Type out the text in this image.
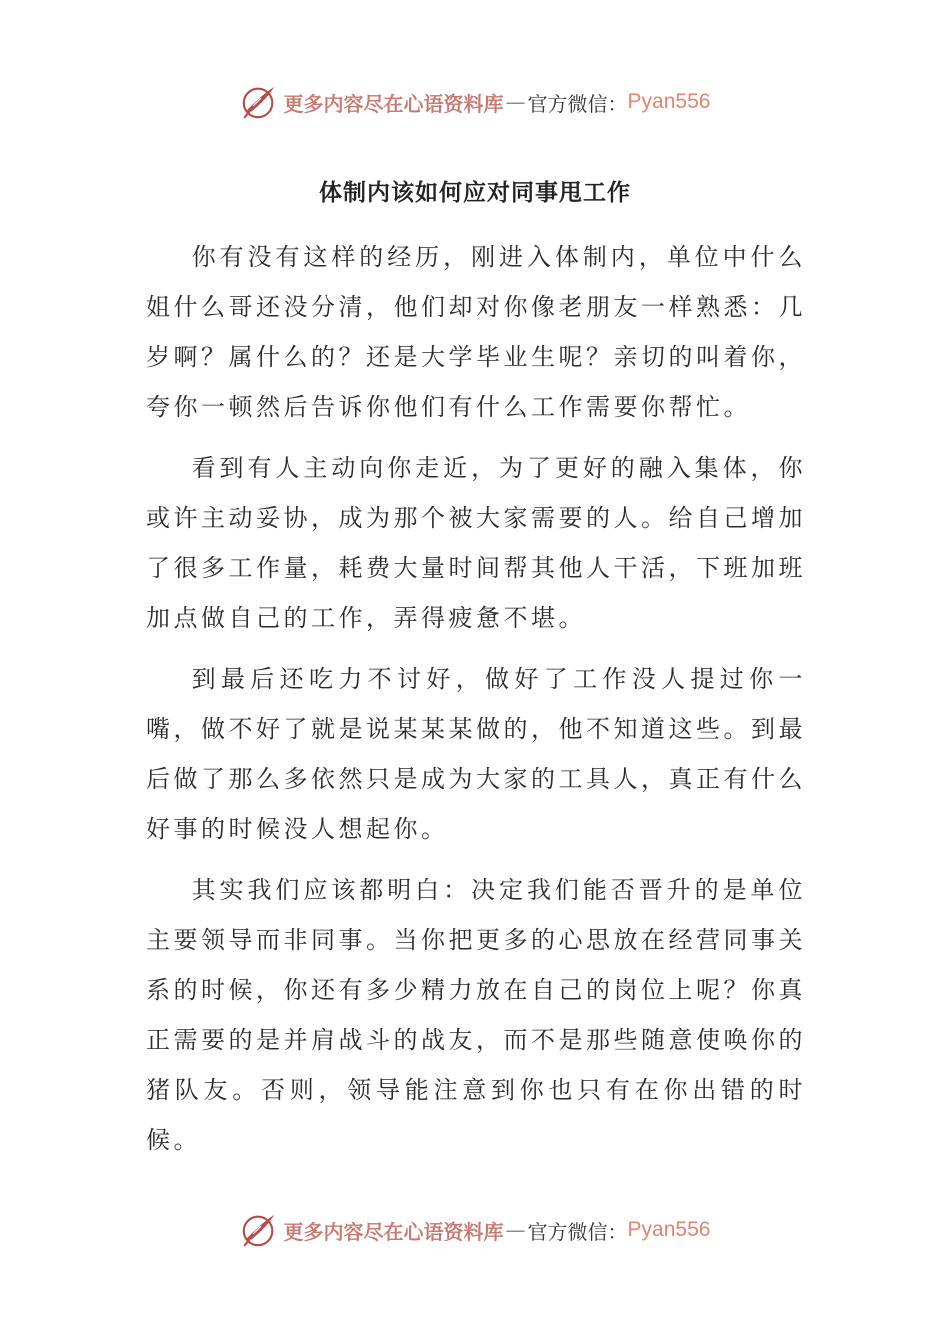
更多内容尽在心语资料库 — 官方微信： Pyan556
体制内该如何应对同事甩工作

你有没有这样的经历，刚进入体制内，单位中什么姐什么哥还没分清，他们却对你像老朋友一样熟悉：几岁啊？属什么的？还是大学毕业生呢？亲切的叫着你，夸你一顿然后告诉你他们有什么工作需要你帮忙。

看到有人主动向你走近，为了更好的融入集体，你或许主动妥协，成为那个被大家需要的人。给自己增加了很多工作量，耗费大量时间帮其他人干活，下班加班加点做自己的工作，弄得疲惫不堪。

到最后还吃力不讨好，做好了工作没人提过你一嘴，做不好了就是说某某某做的，他不知道这些。到最后做了那么多依然只是成为大家的工具人，真正有什么好事的时候没人想起你。

其实我们应该都明白：决定我们能否晋升的是单位主要领导而非同事。当你把更多的心思放在经营同事关系的时候，你还有多少精力放在自己的岗位上呢？你真正需要的是并肩战斗的战友，而不是那些随意使唤你的猪队友。否则，领导能注意到你也只有在你出错的时候。

更多内容尽在心语资料库 — 官方微信： Pyan556
